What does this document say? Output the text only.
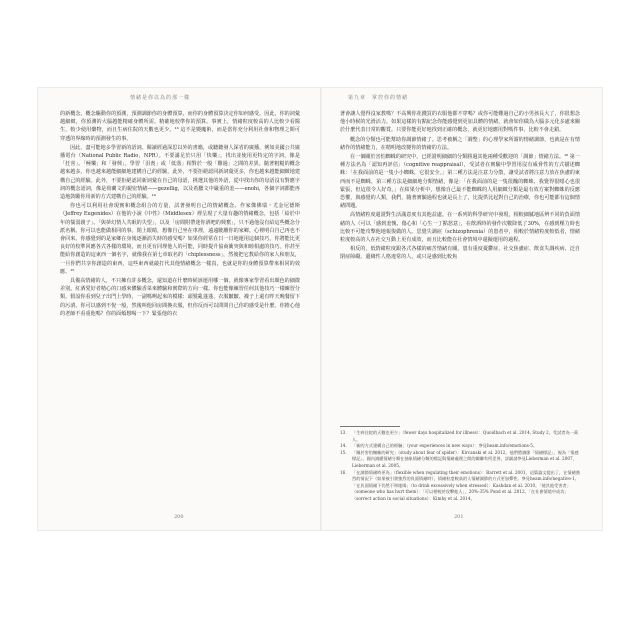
情緒是你以為的那一樣

的新概念，概念驅動你的預測，預測調節你的身體預算，而你的身體預算決定你如何感受。因此，你的詞彙越細緻，你預測的大腦越能精確身體所需。精確地校準你的預算。事實上，情緒粒度較高的人比較少看醫生，較少使用藥物，而且生病住院的天數也更少。¹³ 這不是變魔術，而是當你充分利用社會和物理之間可穿透的界線時的預測發生的事。

因此，盡可能地多學習新的語詞。閱讀經過深思以外的書籍，或聽聽發人深省的廣播，例如美國公共廣播電台（National Public Radio，NPR）。不要滿足於只用「快樂」，找出並使用更特定的字詞，像是「狂喜」、「極樂」和「發興」。學習「沮喪」或「低落」相對於一般「難過」之間的差異。隨著粗糙的概念越來越多，你也越來越能細細地建構自己的經驗，此外，不要拒絕認同新詞彙更多，你也越來越能細緻地建構自己的經驗。此外，不要拒絕認同新詞彙在自己的母語，挑選其他的外語，從中找出你的母語沒有對應字詞的概念語詞，像是荷蘭文的親密情緒——gezellig，以及希臘文中嚴重的羞——enohi，各個字詞都能再造地鼓勵你用新的方式建構自己的經驗。¹⁴

你也可以利用社會現實和概念組合的方量，試著發明自己的情緒概念。作家傑佛瑞・尤金尼德斯（Jeffrey Eugenides）在他的小說《中性》（Middlesex）裡呈現了大量有趣的情緒概念，包括「給於中年的懦弱親子」、「與夢幻情人共眠的失望」，以及「房間附帶迷你酒吧的興奮」，只不過他沒有給這些概念分派名稱。你可以也能做相同的事。閉上眼睛，想像自己坐在車裡，遠遠駛離你的家鄉。心裡明白自己再也不會回來。你感覺到的是家鄉在身後逐漸消失時的感受嗎？如果你經常在日一日地運用這個技巧，你將能比更良好的校準回應各式各樣的環境，而且更有同理他人的可能，同時提升協商衝突與和睦相處的技巧。你甚至能給你創造的這東西一個名字，就像我在第七章取名的「chiplessness」，然後把它教給你的家人和朋友，一旦你們共享你創造的東西，這些東西就敲打代其他情緒概念一樣真，也就是你的身體預算帶來相同的效應。¹⁵

具備高情緒的人，不只擁有許多概念，還知道在什麼時候該運用哪一個，就像專家學習看出顏色的細微差別。紅酒愛好者精心的口感來體驗香菜來體驗和實際的方向一樣。你也能像練習任何其他技巧一樣練習分類。假設你看到兒子出門上學時，一副嗎咧起來的模樣：頭髮亂蓬蓬、衣服皺皺、襪子上還有昨天晚餐留下的污漬。你可以感到不悅一般，然後叫他回房間換衣服，但你反而可以問問自己你的感受是什麼。你擔心他的老師不看重他嗎？你的面頰想喝一下？緊張他的衣

200
第九章　掌控你的情緒

著會讓人覺得沒家教嗎？不高興你花錢買的衣服他都不穿嗎？或你可能難過自己的小男孩長大了，你很想念他小時候的光滑活力。如果這樣的有點紀念你能感覺到更加具體的情緒，就會如你做為大腦多元化多處來關於什麼代表日常的觀賞。只要你能更好地找到正確的概念，就更好地應用對嗎件事，比較不會走錯。

概念的分類也可能幫助你調節情緒了。思考被稱之「調整」的心理學家所謂的情緒調節，也就是在有情緒作的情緒能力，在精明地改變你的情緒的方法。

在一個關於害怕蜘蛛的研究中，已經證明細細的分類勝過其他兩種受歡迎的「調節」情緒方法。¹⁶ 第一種方法名為「認知再評估」（cognitive reappraisal），受試者在實驗中學習用沒有威脅性的方式描述蜘蛛：「在我面前的是一隻小小蜘蛛，它很安全。」第二種方法是注意力分散，讓受試者將注意力放在焦慮的東西而不是蜘蛛，第三種方法是細細地分類情緒，像是：「在我面前的是一隻很醜的蜘蛛，我覺得很噁心也很緊張，但這很令人好奇。」在結果分析中，想像自己最不能蜘蛛的人用細緻分類是最有效方案對蜘蛛的反應恐懼，與感覺的人類，我們，隨著實驗過程也就是長上了，比提供比起對自己的治療，你也可能都有這個情緒問題。

高情緒粒度還證對生活滿意度有其他益處。在一系列的科學研究中發現，相較細膩地區辨不同的負面情緒的人（可以「感到羞愧、傷心和「心生一丁點怒意」，在飲酒時的發作次數降低了30%，在感到壓力時也比較不可能攻擊他地報復做的人。思覺失調症（schizophrenia）的患者中，相較於情緒粒度較低者，情緒粒度較高的人在社交互動上更有成效，而且比較能在社會情境中還擬運用的過程。

相反的，低情緒粒度跟各式各樣的痛苦情緒有關。患有重度憂鬱症、社交焦慮症、飲食失調疾病、泛自閉症障礙、邊緣性人格違常的人，或只是感到比較焦

13.	「生病住院的天數也更少」（fewer days hospitalized for illness）：Quoidbach et al. 2014, Study 2，受試者為一萬人。
14.	「新的方式建構自己的經驗」（your experiences in new ways）：參見heam.info/emotions-5。
15.	「關於害怕蜘蛛的研究」（study about fear of spider）：Kircanski et al. 2012。他們將調節「情緒標記」，視為「情感標記」。國內減緩情緒分類在抽象情緒分類的標記與情緒處理之間的關聯有所差異，詳細請參見Lieberman et al. 2007、Lieberman et al. 2005。
16.	「在調節情緒時更為」（flexible when regulating their emotions）：Barrett et al. 2001，這篇論文提出了，在情緒強烈的情況下（如果被引發強烈的負面情緒時），情緒粒度較高的人情緒調節的方式更加彈性。參見heam.info/negative-1。「在負面情緒下仍然不和地喝」（to drink excessively when stressed）：Kashdan et al. 2010。「使其他受害者」（someone who has hurt them）：「可以相較於攻擊他人」，20%-35% Pond et al. 2012。「在社會情境中成功」（sorrect action in social situations）：Kimhy et al. 2014。
201
